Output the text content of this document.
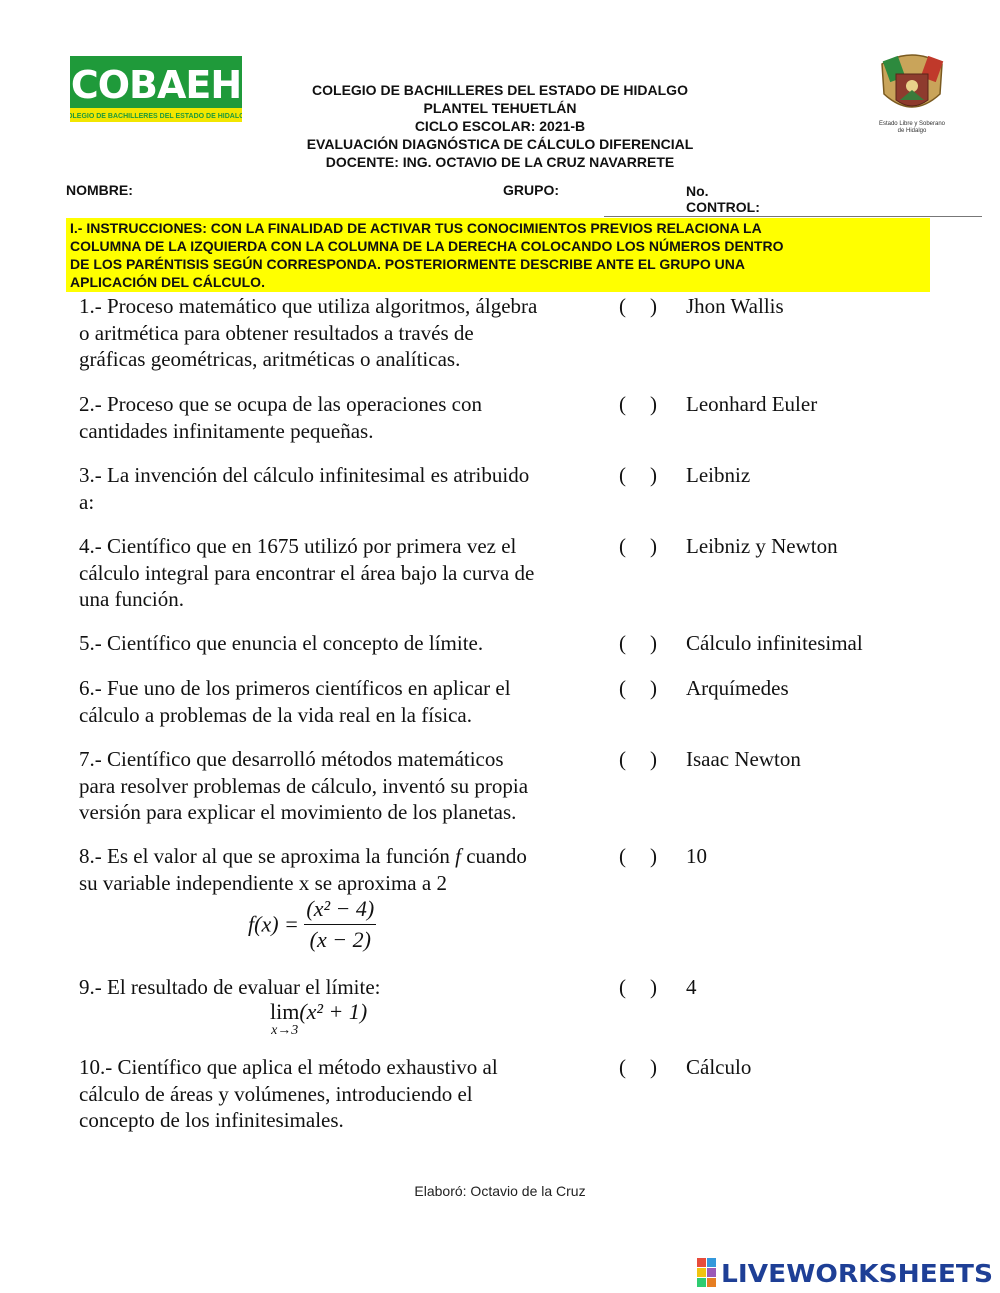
COBAEH
COLEGIO DE BACHILLERES DEL ESTADO DE HIDALGO
Estado Libre y Soberano
de Hidalgo
COLEGIO DE BACHILLERES DEL ESTADO DE HIDALGO
PLANTEL TEHUETLÁN
CICLO ESCOLAR: 2021-B
EVALUACIÓN DIAGNÓSTICA DE CÁLCULO DIFERENCIAL
DOCENTE: ING. OCTAVIO DE LA CRUZ NAVARRETE
NOMBRE:	GRUPO:	No.
CONTROL:
I.- INSTRUCCIONES: CON LA FINALIDAD DE ACTIVAR TUS CONOCIMIENTOS PREVIOS RELACIONA LA
COLUMNA DE LA IZQUIERDA CON LA COLUMNA DE LA DERECHA COLOCANDO LOS NÚMEROS DENTRO
DE LOS PARÉNTISIS SEGÚN CORRESPONDA. POSTERIORMENTE DESCRIBE ANTE EL GRUPO UNA
APLICACIÓN DEL CÁLCULO.
1.- Proceso matemático que utiliza algoritmos, álgebra
o aritmética para obtener resultados a través de
gráficas geométricas, aritméticas o analíticas.
( )	Jhon Wallis
2.- Proceso que se ocupa de las operaciones con
cantidades infinitamente pequeñas.
( )	Leonhard Euler
3.- La invención del cálculo infinitesimal es atribuido
a:
( )	Leibniz
4.- Científico que en 1675 utilizó por primera vez el
cálculo integral para encontrar el área bajo la curva de
una función.
( )	Leibniz y Newton
5.- Científico que enuncia el concepto de límite.	( )	Cálculo infinitesimal
6.- Fue uno de los primeros científicos en aplicar el
cálculo a problemas de la vida real en la física.
( )	Arquímedes
7.- Científico que desarrolló métodos matemáticos
para resolver problemas de cálculo, inventó su propia
versión para explicar el movimiento de los planetas.
( )	Isaac Newton
8.- Es el valor al que se aproxima la función f cuando
su variable independiente x se aproxima a 2
( )	10
$f(x) = \frac{\text{(x² − 4)}}{(x - 2)}$
9.- El resultado de evaluar el límite:	( )	4
lim
x→3
(x² + 1)
10.- Científico que aplica el método exhaustivo al
cálculo de áreas y volúmenes, introduciendo el
concepto de los infinitesimales.
( )	Cálculo
Elaboró: Octavio de la Cruz
LIVEWORKSHEETS
